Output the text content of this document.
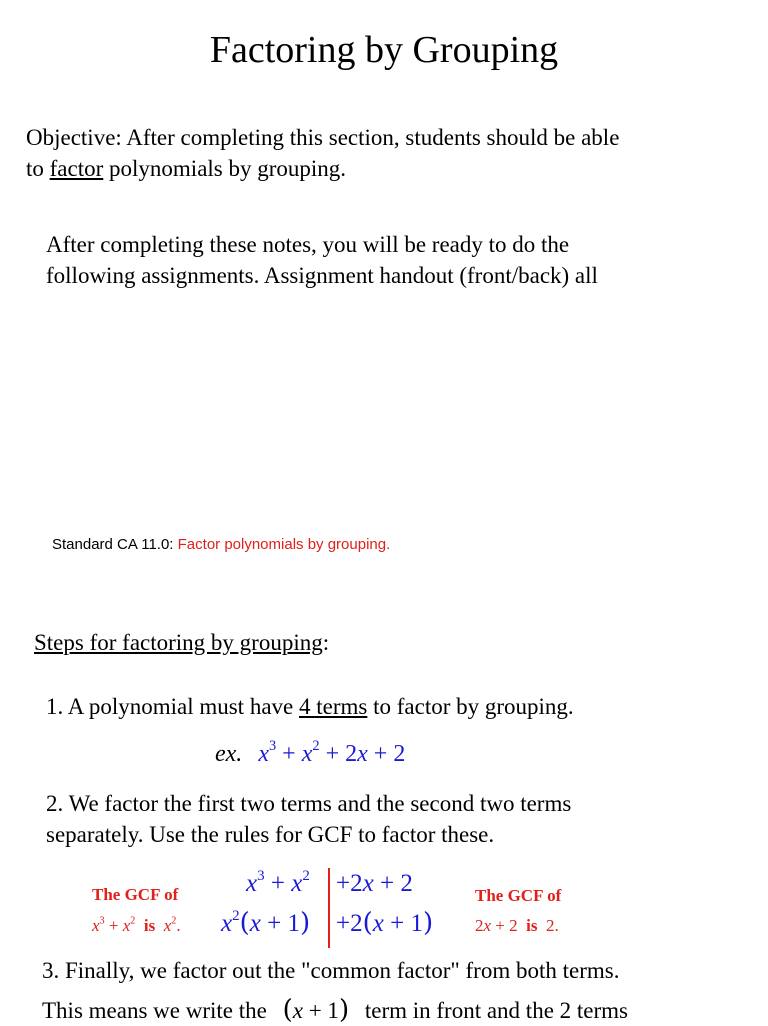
Factoring by Grouping
Objective: After completing this section, students should be able
to factor polynomials by grouping.
After completing these notes, you will be ready to do the
following assignments. Assignment handout (front/back) all
Standard CA 11.0: Factor polynomials by grouping.
Steps for factoring by grouping:
1. A polynomial must have 4 terms to factor by grouping.
ex. $x^3 + x^2 + 2x + 2$
2. We factor the first two terms and the second two terms
separately. Use the rules for GCF to factor these.
The GCF of
$x^3 + x^2$ is $x^2$.
$x^3 + x^2 +2x + 2$
$x^2(x + 1) +2(x + 1)$
The GCF of
2x + 2  is 2.
3. Finally, we factor out the "common factor" from both terms.
This means we write the (x + 1) term in front and the 2 terms
